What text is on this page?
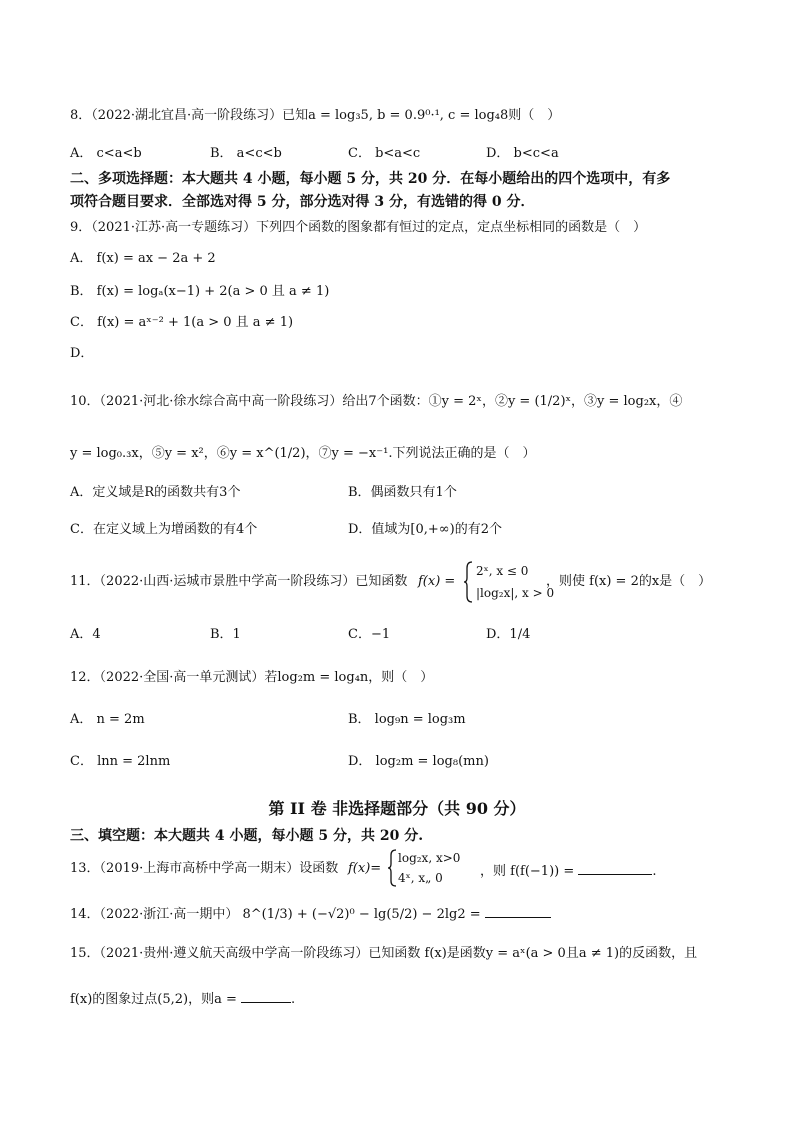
8．（2022·湖北宜昌·高一阶段练习）已知a = log₃5, b = 0.9⁰·¹, c = log₄8则（　）
A． c<a<b	B． a<c<b	C． b<a<c	D． b<c<a
二、多项选择题：本大题共 4 小题，每小题 5 分，共 20 分．在每小题给出的四个选项中，有多
项符合题目要求．全部选对得 5 分，部分选对得 3 分，有选错的得 0 分．
9．（2021·江苏·高一专题练习）下列四个函数的图象都有恒过的定点，定点坐标相同的函数是（　）
A． f(x) = ax − 2a + 2
B． f(x) = logₐ(x−1) + 2(a > 0 且 a ≠ 1)
C． f(x) = aˣ⁻² + 1(a > 0 且 a ≠ 1)
D．
10．（2021·河北·徐水综合高中高一阶段练习）给出7个函数：①y = 2ˣ，②y = (1/2)ˣ，③y = log₂x，④
y = log₀.₃x，⑤y = x²，⑥y = x^(1/2)，⑦y = −x⁻¹.下列说法正确的是（　）
A．定义域是R的函数共有3个	B．偶函数只有1个
C．在定义域上为增函数的有4个	D．值域为[0,+∞)的有2个
11．（2022·山西·运城市景胜中学高一阶段练习）已知函数 f(x) =
2ˣ, x ≤ 0
|log₂x|, x > 0
，则使 f(x) = 2的x是（　）
A．4	B．1	C．−1	D．1/4
12．（2022·全国·高一单元测试）若log₂m = log₄n，则（　）
A． n = 2m	B． log₉n = log₃m
C． lnn = 2lnm	D． log₂m = log₈(mn)
第 II 卷 非选择题部分（共 90 分）
三、填空题：本大题共 4 小题，每小题 5 分，共 20 分.
13．（2019·上海市高桥中学高一期末）设函数 f(x)=
log₂x, x>0
4ˣ, x„ 0	，则 f(f(−1)) =	.
14．（2022·浙江·高一期中） 8^(1/3) + (−√2)⁰ − lg(5/2) − 2lg2 =
15．（2021·贵州·遵义航天高级中学高一阶段练习）已知函数 f(x)是函数y = aˣ(a > 0且a ≠ 1)的反函数，且
f(x)的图象过点(5,2)，则a =	.
